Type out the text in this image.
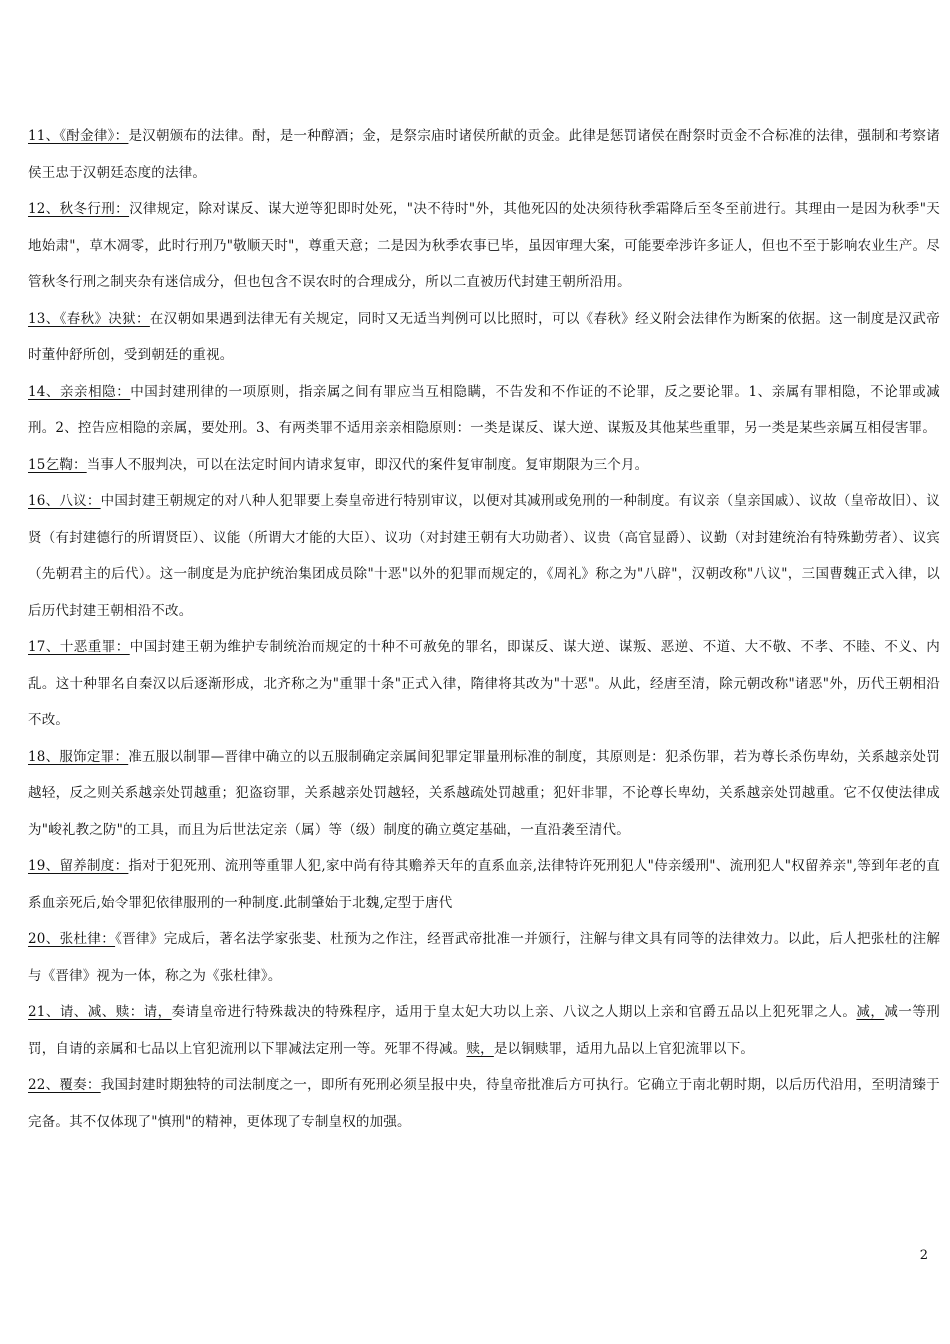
11、《酎金律》：是汉朝颁布的法律。酎，是一种醇酒；金，是祭宗庙时诸侯所献的贡金。此律是惩罚诸侯在酎祭时贡金不合标准的法律，强制和考察诸侯王忠于汉朝廷态度的法律。

12、秋冬行刑：汉律规定，除对谋反、谋大逆等犯即时处死，"决不待时"外，其他死囚的处决须待秋季霜降后至冬至前进行。其理由一是因为秋季"天地始肃"，草木凋零，此时行刑乃"敬顺天时"，尊重天意；二是因为秋季农事已毕，虽因审理大案，可能要牵涉许多证人，但也不至于影响农业生产。尽管秋冬行刑之制夹杂有迷信成分，但也包含不误农时的合理成分，所以二直被历代封建王朝所沿用。

13、《春秋》决狱：在汉朝如果遇到法律无有关规定，同时又无适当判例可以比照时，可以《春秋》经义附会法律作为断案的依据。这一制度是汉武帝时董仲舒所创，受到朝廷的重视。

14、亲亲相隐：中国封建刑律的一项原则，指亲属之间有罪应当互相隐瞒，不告发和不作证的不论罪，反之要论罪。1、亲属有罪相隐，不论罪或减刑。2、控告应相隐的亲属，要处刑。3、有两类罪不适用亲亲相隐原则：一类是谋反、谋大逆、谋叛及其他某些重罪，另一类是某些亲属互相侵害罪。

15乞鞫：当事人不服判决，可以在法定时间内请求复审，即汉代的案件复审制度。复审期限为三个月。

16、八议：中国封建王朝规定的对八种人犯罪要上奏皇帝进行特别审议，以便对其减刑或免刑的一种制度。有议亲（皇亲国戚）、议故（皇帝故旧）、议贤（有封建德行的所谓贤臣）、议能（所谓大才能的大臣）、议功（对封建王朝有大功勋者）、议贵（高官显爵）、议勤（对封建统治有特殊勤劳者）、议宾（先朝君主的后代）。这一制度是为庇护统治集团成员除"十恶"以外的犯罪而规定的，《周礼》称之为"八辟"，汉朝改称"八议"，三国曹魏正式入律，以后历代封建王朝相沿不改。

17、十恶重罪：中国封建王朝为维护专制统治而规定的十种不可赦免的罪名，即谋反、谋大逆、谋叛、恶逆、不道、大不敬、不孝、不睦、不义、内乱。这十种罪名自秦汉以后逐渐形成，北齐称之为"重罪十条"正式入律，隋律将其改为"十恶"。从此，经唐至清，除元朝改称"诸恶"外，历代王朝相沿不改。

18、服饰定罪：准五服以制罪—晋律中确立的以五服制确定亲属间犯罪定罪量刑标准的制度，其原则是：犯杀伤罪，若为尊长杀伤卑幼，关系越亲处罚越轻，反之则关系越亲处罚越重；犯盗窃罪，关系越亲处罚越轻，关系越疏处罚越重；犯奸非罪，不论尊长卑幼，关系越亲处罚越重。它不仅使法律成为"峻礼教之防"的工具，而且为后世法定亲（属）等（级）制度的确立奠定基础，一直沿袭至清代。

19、留养制度：指对于犯死刑、流刑等重罪人犯,家中尚有待其赡养天年的直系血亲,法律特许死刑犯人"侍亲缓刑"、流刑犯人"权留养亲",等到年老的直系血亲死后,始令罪犯依律服刑的一种制度.此制肇始于北魏,定型于唐代

20、张杜律：《晋律》完成后，著名法学家张斐、杜预为之作注，经晋武帝批准一并颁行，注解与律文具有同等的法律效力。以此，后人把张杜的注解与《晋律》视为一体，称之为《张杜律》。

21、请、减、赎：请，奏请皇帝进行特殊裁决的特殊程序，适用于皇太妃大功以上亲、八议之人期以上亲和官爵五品以上犯死罪之人。减，减一等刑罚，自请的亲属和七品以上官犯流刑以下罪减法定刑一等。死罪不得减。赎，是以铜赎罪，适用九品以上官犯流罪以下。

22、覆奏：我国封建时期独特的司法制度之一，即所有死刑必须呈报中央，待皇帝批准后方可执行。它确立于南北朝时期，以后历代沿用，至明清臻于完备。其不仅体现了"慎刑"的精神，更体现了专制皇权的加强。

2
